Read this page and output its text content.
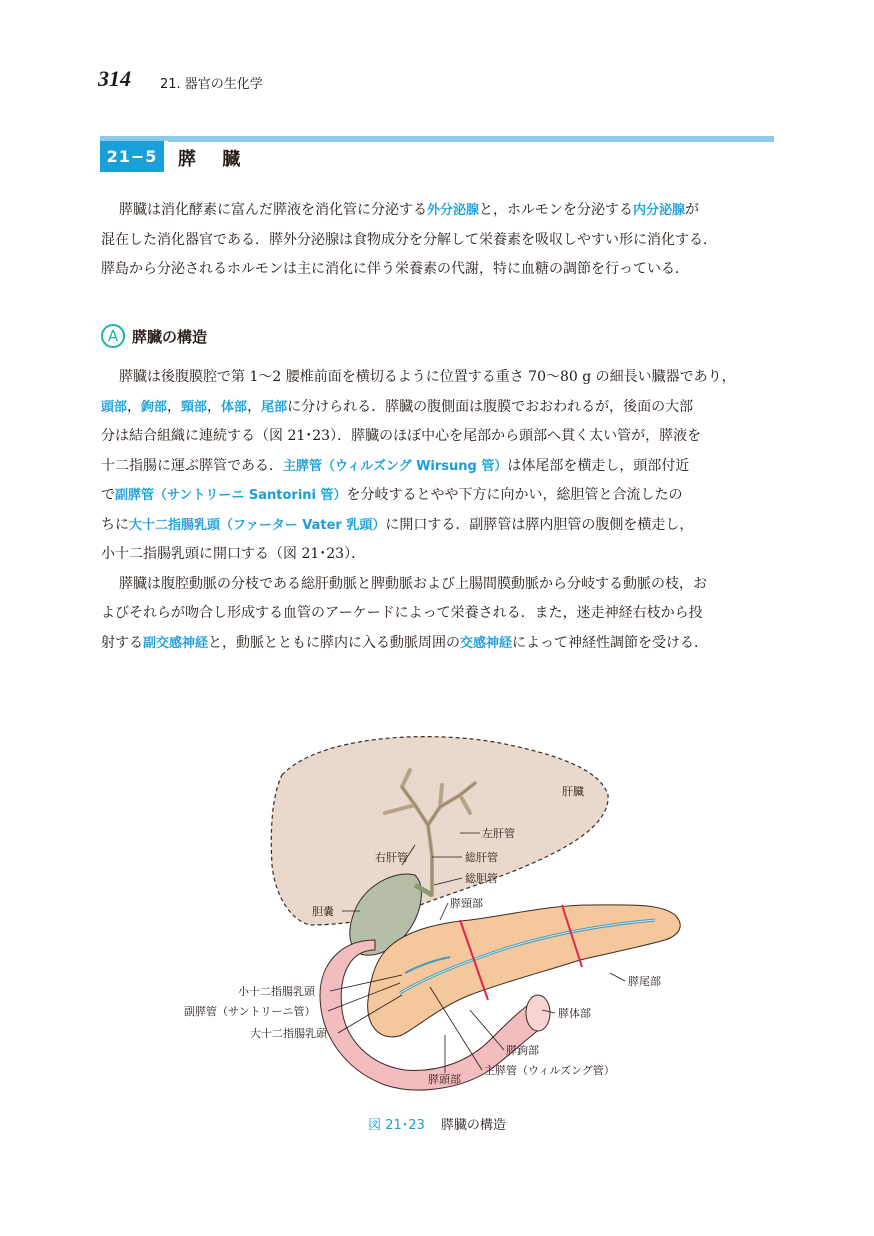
314 21. 器官の生化学
21−5	膵 臓
膵臓は消化酵素に富んだ膵液を消化管に分泌する外分泌腺と，ホルモンを分泌する内分泌腺が
混在した消化器官である．膵外分泌腺は食物成分を分解して栄養素を吸収しやすい形に消化する．
膵島から分泌されるホルモンは主に消化に伴う栄養素の代謝，特に血糖の調節を行っている．
A 膵臓の構造
膵臓は後腹膜腔で第 1〜2 腰椎前面を横切るように位置する重さ 70〜80 g の細長い臓器であり，
頭部，鉤部，頸部，体部，尾部に分けられる．膵臓の腹側面は腹膜でおおわれるが，後面の大部
分は結合組織に連続する（図 21･23）．膵臓のほぼ中心を尾部から頭部へ貫く太い管が，膵液を
十二指腸に運ぶ膵管である．主膵管（ウィルズング Wirsung 管）は体尾部を横走し，頭部付近
で副膵管（サントリーニ Santorini 管）を分岐するとやや下方に向かい，総胆管と合流したの
ちに大十二指腸乳頭（ファーター Vater 乳頭）に開口する．副膵管は膵内胆管の腹側を横走し，
小十二指腸乳頭に開口する（図 21･23）．
膵臓は腹腔動脈の分枝である総肝動脈と脾動脈および上腸間膜動脈から分岐する動脈の枝，お
よびそれらが吻合し形成する血管のアーケードによって栄養される．また，迷走神経右枝から投
射する副交感神経と，動脈とともに膵内に入る動脈周囲の交感神経によって神経性調節を受ける．
肝臓
左肝管
右肝管	総肝管
総胆管
胆嚢
膵頸部
膵尾部
小十二指腸乳頭
副膵管（サントリーニ管）
大十二指腸乳頭
膵体部
膵鉤部
主膵管（ウィルズング管）
膵頭部
図 21･23 膵臓の構造
